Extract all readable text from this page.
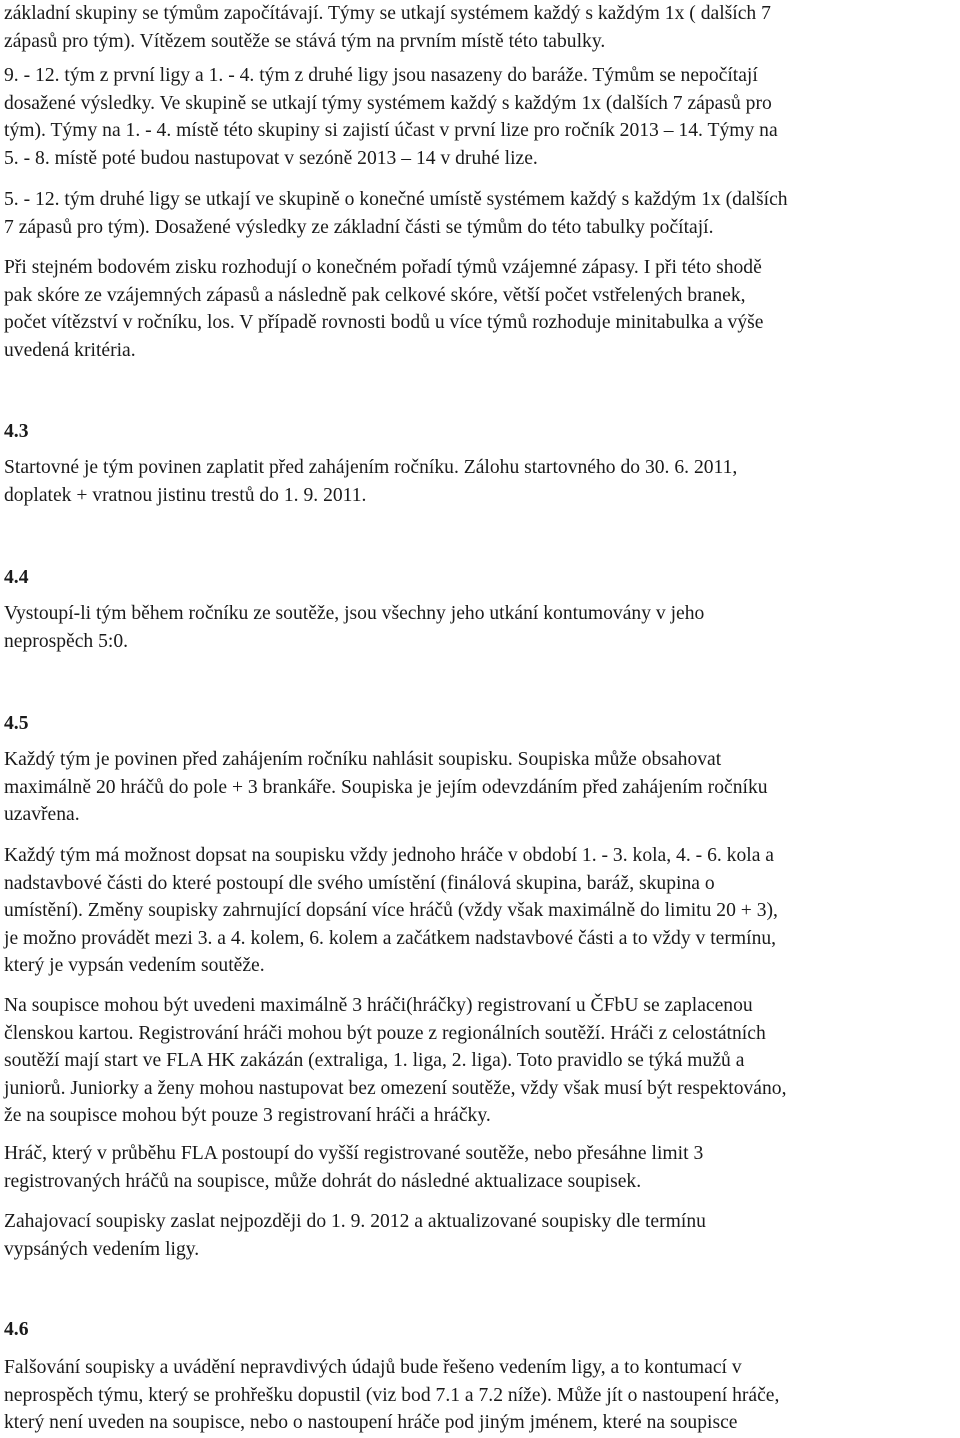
základní skupiny se týmům započítávají. Týmy se utkají systémem každý s každým 1x ( dalších 7
zápasů pro tým). Vítězem soutěže se stává tým na prvním místě této tabulky.

9. - 12. tým z první ligy a 1. - 4. tým z druhé ligy jsou nasazeny do baráže. Týmům se nepočítají
dosažené výsledky. Ve skupině se utkají týmy systémem každý s každým 1x (dalších 7 zápasů pro
tým). Týmy na 1. - 4. místě této skupiny si zajistí účast v první lize pro ročník 2013 – 14. Týmy na
5. - 8. místě poté budou nastupovat v sezóně 2013 – 14 v druhé lize.

5. - 12. tým druhé ligy se utkají ve skupině o konečné umístě systémem každý s každým 1x (dalších
7 zápasů pro tým). Dosažené výsledky ze základní části se týmům do této tabulky počítají.

Při stejném bodovém zisku rozhodují o konečném pořadí týmů vzájemné zápasy. I při této shodě
pak skóre ze vzájemných zápasů a následně pak celkové skóre, větší počet vstřelených branek,
počet vítězství v ročníku, los. V případě rovnosti bodů u více týmů rozhoduje minitabulka a výše
uvedená kritéria.

4.3

Startovné je tým povinen zaplatit před zahájením ročníku. Zálohu startovného do 30. 6. 2011,
doplatek + vratnou jistinu trestů do 1. 9. 2011.

4.4

Vystoupí-li tým během ročníku ze soutěže, jsou všechny jeho utkání kontumovány v jeho
neprospěch 5:0.

4.5

Každý tým je povinen před zahájením ročníku nahlásit soupisku. Soupiska může obsahovat
maximálně 20 hráčů do pole + 3 brankáře. Soupiska je jejím odevzdáním před zahájením ročníku
uzavřena.

Každý tým má možnost dopsat na soupisku vždy jednoho hráče v období 1. - 3. kola, 4. - 6. kola a
nadstavbové části do které postoupí dle svého umístění (finálová skupina, baráž, skupina o
umístění). Změny soupisky zahrnující dopsání více hráčů (vždy však maximálně do limitu 20 + 3),
je možno provádět mezi 3. a 4. kolem, 6. kolem a začátkem nadstavbové části a to vždy v termínu,
který je vypsán vedením soutěže.

Na soupisce mohou být uvedeni maximálně 3 hráči(hráčky) registrovaní u ČFbU se zaplacenou
členskou kartou. Registrování hráči mohou být pouze z regionálních soutěží. Hráči z celostátních
soutěží mají start ve FLA HK zakázán (extraliga, 1. liga, 2. liga). Toto pravidlo se týká mužů a
juniorů. Juniorky a ženy mohou nastupovat bez omezení soutěže, vždy však musí být respektováno,
že na soupisce mohou být pouze 3 registrovaní hráči a hráčky.

Hráč, který v průběhu FLA postoupí do vyšší registrované soutěže, nebo přesáhne limit 3
registrovaných hráčů na soupisce, může dohrát do následné aktualizace soupisek.

Zahajovací soupisky zaslat nejpozději do 1. 9. 2012 a aktualizované soupisky dle termínu
vypsáných vedením ligy.

4.6

Falšování soupisky a uvádění nepravdivých údajů bude řešeno vedením ligy, a to kontumací v
neprospěch týmu, který se prohřešku dopustil (viz bod 7.1 a 7.2 níže). Může jít o nastoupení hráče,
který není uveden na soupisce, nebo o nastoupení hráče pod jiným jménem, které na soupisce
